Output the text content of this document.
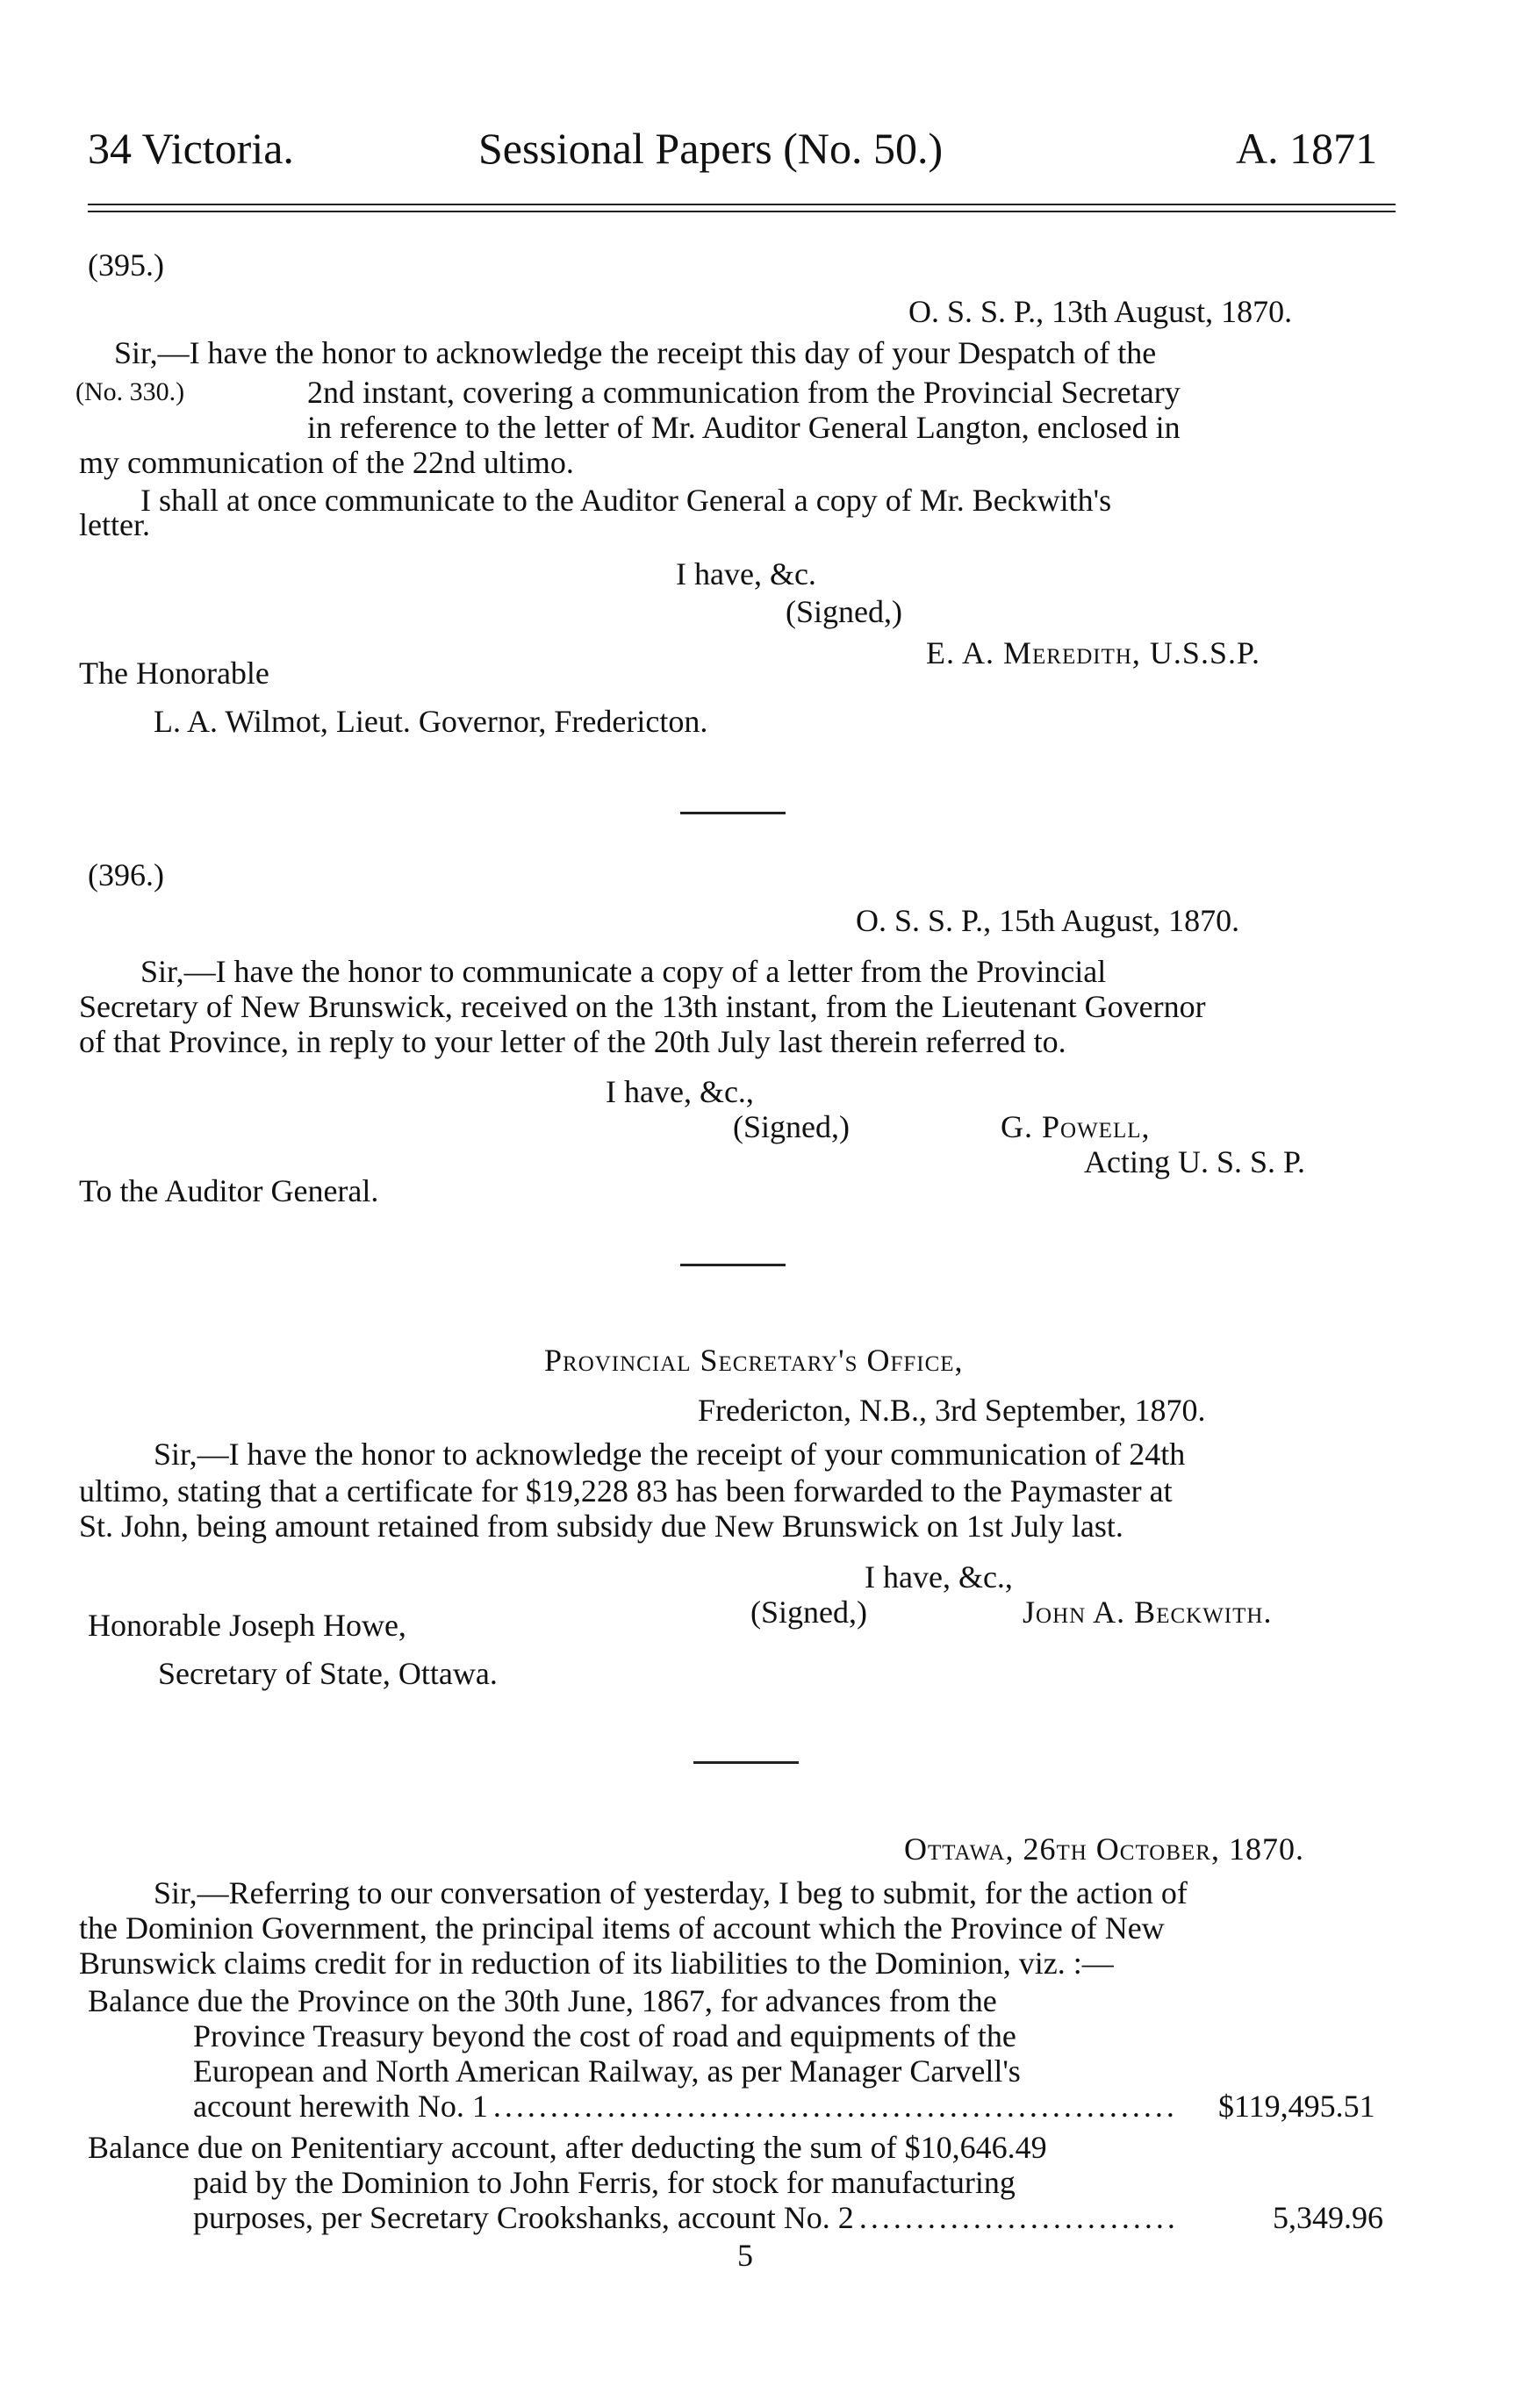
34 Victoria.	Sessional Papers (No. 50.)	A. 1871
(395.)
O. S. S. P., 13th August, 1870.
Sir,—I have the honor to acknowledge the receipt this day of your Despatch of the
(No. 330.)	2nd instant, covering a communication from the Provincial Secretary
in reference to the letter of Mr. Auditor General Langton, enclosed in
my communication of the 22nd ultimo.
I shall at once communicate to the Auditor General a copy of Mr. Beckwith's
letter.
I have, &c.
(Signed,)
E. A. Meredith, U.S.S.P.
The Honorable
L. A. Wilmot, Lieut. Governor, Fredericton.
(396.)
O. S. S. P., 15th August, 1870.
Sir,—I have the honor to communicate a copy of a letter from the Provincial
Secretary of New Brunswick, received on the 13th instant, from the Lieutenant Governor
of that Province, in reply to your letter of the 20th July last therein referred to.
I have, &c.,
(Signed,)	G. Powell,
Acting U. S. S. P.
To the Auditor General.
Provincial Secretary's Office,
Fredericton, N.B., 3rd September, 1870.
Sir,—I have the honor to acknowledge the receipt of your communication of 24th
ultimo, stating that a certificate for $19,228 83 has been forwarded to the Paymaster at
St. John, being amount retained from subsidy due New Brunswick on 1st July last.
I have, &c.,
(Signed,)	John A. Beckwith.
Honorable Joseph Howe,
Secretary of State, Ottawa.
Ottawa, 26th October, 1870.
Sir,—Referring to our conversation of yesterday, I beg to submit, for the action of
the Dominion Government, the principal items of account which the Province of New
Brunswick claims credit for in reduction of its liabilities to the Dominion, viz. :—
Balance due the Province on the 30th June, 1867, for advances from the
Province Treasury beyond the cost of road and equipments of the
European and North American Railway, as per Manager Carvell's
account herewith No. 1 .....	$119,495.51
Balance due on Penitentiary account, after deducting the sum of $10,646.49
paid by the Dominion to John Ferris, for stock for manufacturing
purposes, per Secretary Crookshanks, account No. 2 .....	5,349.96
5
